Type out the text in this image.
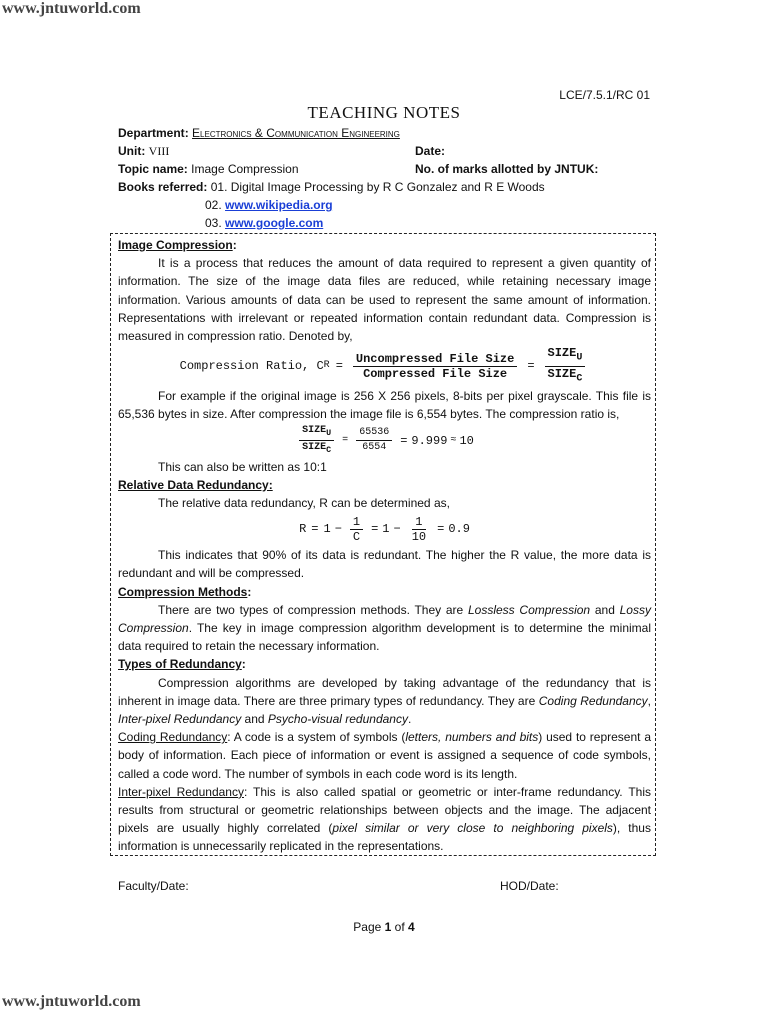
www.jntuworld.com
LCE/7.5.1/RC 01
TEACHING NOTES
Department: Electronics & Communication Engineering
Unit: VIII	Date:
Topic name: Image Compression	No. of marks allotted by JNTUK:
Books referred: 01. Digital Image Processing by R C Gonzalez and R E Woods
02. www.wikipedia.org
03. www.google.com

Image Compression:

It is a process that reduces the amount of data required to represent a given quantity of information. The size of the image data files are reduced, while retaining necessary image information. Various amounts of data can be used to represent the same amount of information. Representations with irrelevant or repeated information contain redundant data. Compression is measured in compression ratio. Denoted by,

Compression Ratio, C $R = \frac{\text{Uncompressed File Size}}{\text{Compressed File Size}} = \frac{SIZE_U}{SIZE_C}$

For example if the original image is 256 X 256 pixels, 8-bits per pixel grayscale. This file is 65,536 bytes in size. After compression the image file is 6,554 bytes. The compression ratio is,

$\frac{SIZE_U}{SIZE_C} = \frac{65536}{6554} = 9.999 \approx 10$

This can also be written as 10:1

Relative Data Redundancy:

The relative data redundancy, R can be determined as,

$R = 1 - \frac{1}{C} = 1 - \frac{1}{10} = 0.9$

This indicates that 90% of its data is redundant. The higher the R value, the more data is redundant and will be compressed.

Compression Methods:

There are two types of compression methods. They are Lossless Compression and Lossy Compression. The key in image compression algorithm development is to determine the minimal data required to retain the necessary information.

Types of Redundancy:

Compression algorithms are developed by taking advantage of the redundancy that is inherent in image data. There are three primary types of redundancy. They are Coding Redundancy, Inter-pixel Redundancy and Psycho-visual redundancy.

Coding Redundancy: A code is a system of symbols (letters, numbers and bits) used to represent a body of information. Each piece of information or event is assigned a sequence of code symbols, called a code word. The number of symbols in each code word is its length.

Inter-pixel Redundancy: This is also called spatial or geometric or inter-frame redundancy. This results from structural or geometric relationships between objects and the image. The adjacent pixels are usually highly correlated (pixel similar or very close to neighboring pixels), thus information is unnecessarily replicated in the representations.

Faculty/Date:	HOD/Date:
Page 1 of 4
www.jntuworld.com
